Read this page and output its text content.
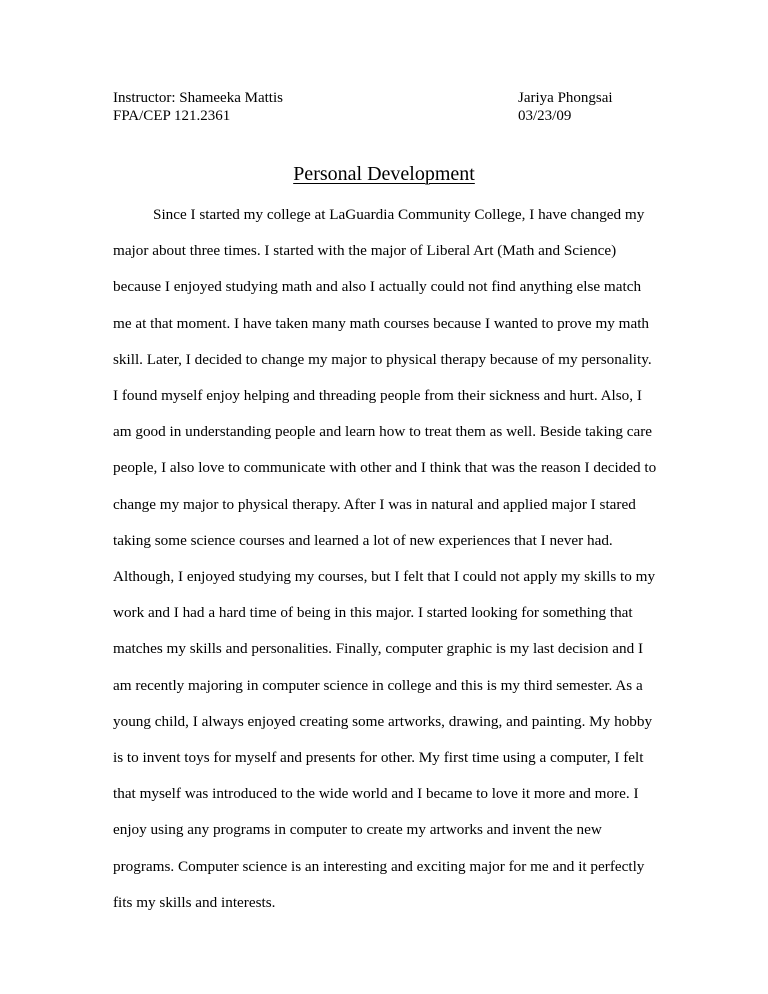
Instructor: Shameeka Mattis
FPA/CEP 121.2361
Jariya Phongsai
03/23/09
Personal Development
Since I started my college at LaGuardia Community College, I have changed my
major about three times. I started with the major of Liberal Art (Math and Science)
because I enjoyed studying math and also I actually could not find anything else match
me at that moment. I have taken many math courses because I wanted to prove my math
skill. Later, I decided to change my major to physical therapy because of my personality.
I found myself enjoy helping and threading people from their sickness and hurt. Also, I
am good in understanding people and learn how to treat them as well. Beside taking care
people, I also love to communicate with other and I think that was the reason I decided to
change my major to physical therapy. After I was in natural and applied major I stared
taking some science courses and learned a lot of new experiences that I never had.
Although, I enjoyed studying my courses, but I felt that I could not apply my skills to my
work and I had a hard time of being in this major. I started looking for something that
matches my skills and personalities. Finally, computer graphic is my last decision and I
am recently majoring in computer science in college and this is my third semester. As a
young child, I always enjoyed creating some artworks, drawing, and painting. My hobby
is to invent toys for myself and presents for other. My first time using a computer, I felt
that myself was introduced to the wide world and I became to love it more and more. I
enjoy using any programs in computer to create my artworks and invent the new
programs. Computer science is an interesting and exciting major for me and it perfectly
fits my skills and interests.
